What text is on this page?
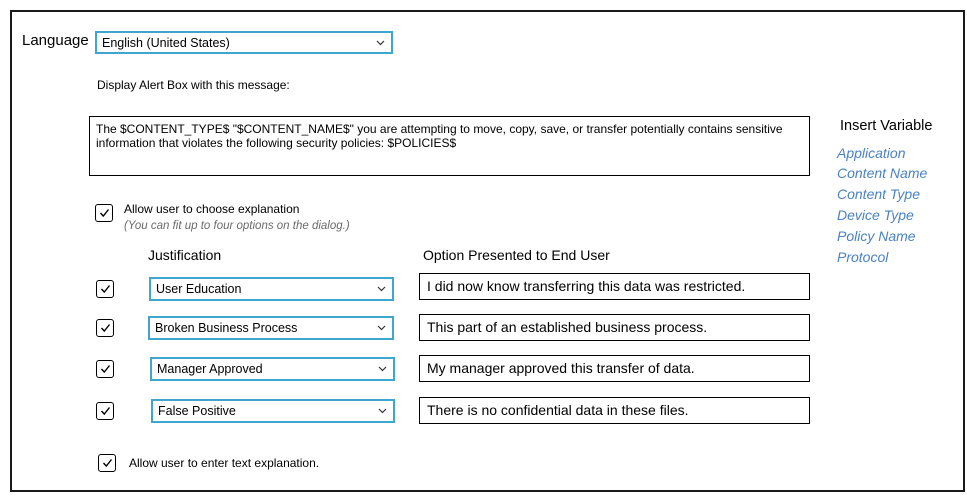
Language English (United States)
Display Alert Box with this message:
The $CONTENT_TYPE$ "$CONTENT_NAME$" you are attempting to move, copy, save, or transfer potentially contains sensitive information that violates the following security policies: $POLICIES$
Insert Variable
Application
Content Name
Content Type
Device Type
Policy Name
Protocol
Allow user to choose explanation
(You can fit up to four options on the dialog.)
Justification	Option Presented to End User
User Education	I did now know transferring this data was restricted.
Broken Business Process	This part of an established business process.
Manager Approved	My manager approved this transfer of data.
False Positive	There is no confidential data in these files.
Allow user to enter text explanation.
